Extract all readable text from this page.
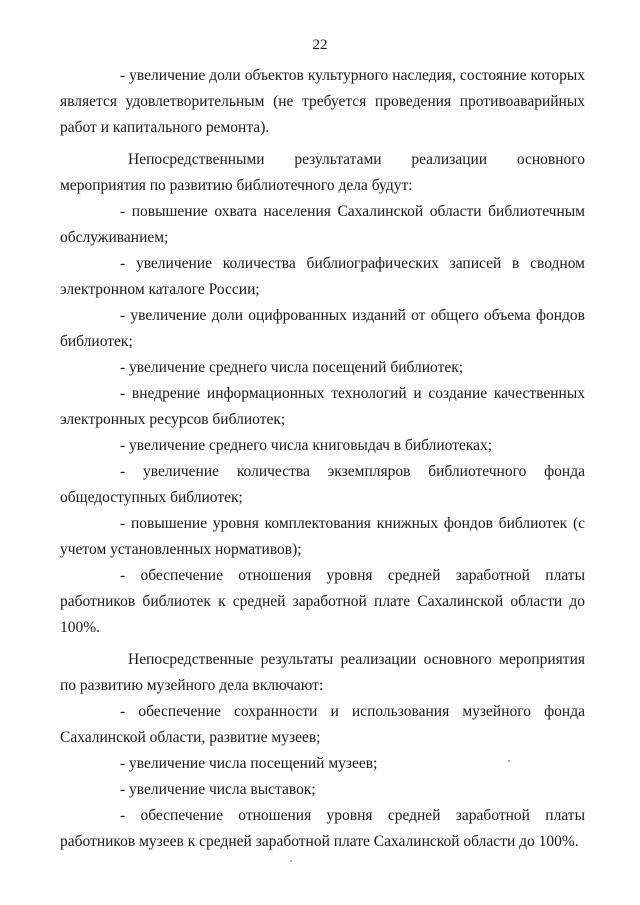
22

- увеличение доли объектов культурного наследия, состояние которых является удовлетворительным (не требуется проведения противоаварийных работ и капитального ремонта).

Непосредственными результатами реализации основного мероприятия по развитию библиотечного дела будут:

- повышение охвата населения Сахалинской области библиотечным обслуживанием;

- увеличение количества библиографических записей в сводном электронном каталоге России;

- увеличение доли оцифрованных изданий от общего объема фондов библиотек;

- увеличение среднего числа посещений библиотек;

- внедрение информационных технологий и создание качественных электронных ресурсов библиотек;

- увеличение среднего числа книговыдач в библиотеках;

- увеличение количества экземпляров библиотечного фонда общедоступных библиотек;

- повышение уровня комплектования книжных фондов библиотек (с учетом установленных нормативов);

- обеспечение отношения уровня средней заработной платы работников библиотек к средней заработной плате Сахалинской области до 100%.

Непосредственные результаты реализации основного мероприятия по развитию музейного дела включают:

- обеспечение сохранности и использования музейного фонда Сахалинской области, развитие музеев;

- увеличение числа посещений музеев;

- увеличение числа выставок;

- обеспечение отношения уровня средней заработной платы работников музеев к средней заработной плате Сахалинской области до 100%.
